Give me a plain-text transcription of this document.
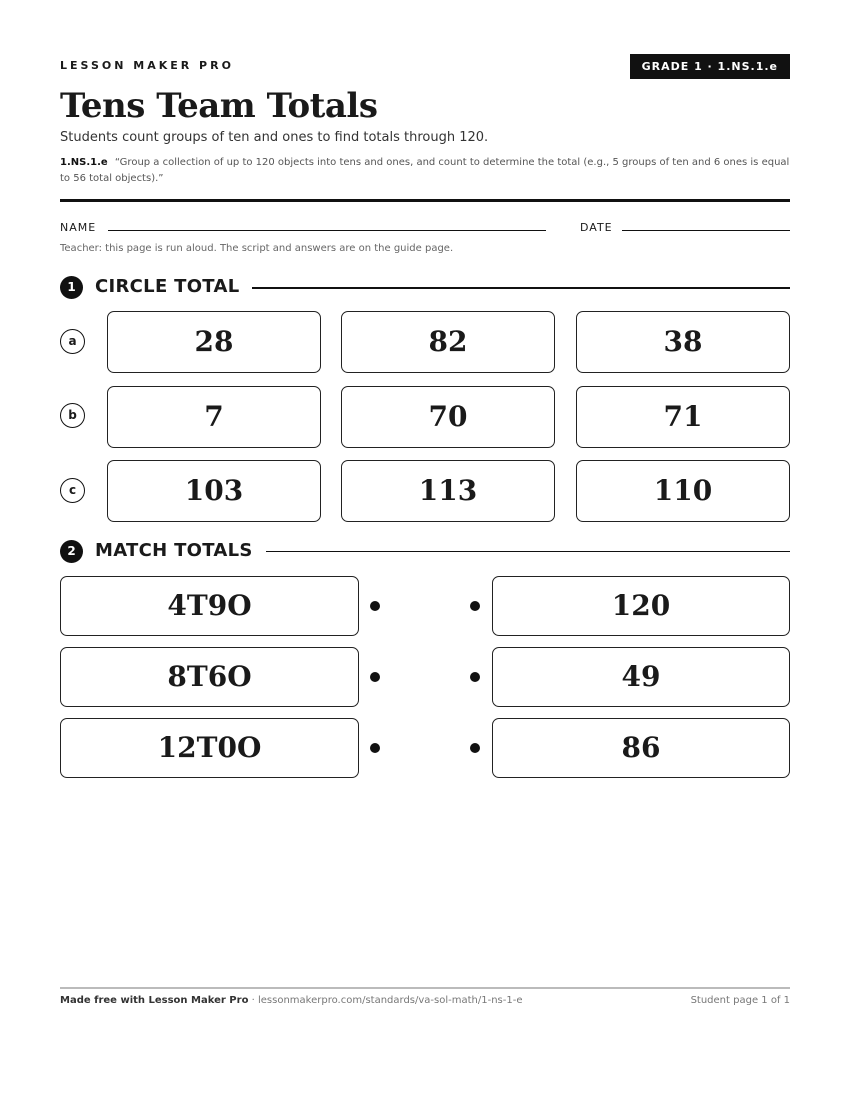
LESSON MAKER PRO	GRADE 1 · 1.NS.1.e
Tens Team Totals
Students count groups of ten and ones to find totals through 120.
1.NS.1.e “Group a collection of up to 120 objects into tens and ones, and count to determine the total (e.g., 5 groups of ten and 6 ones is equal to 56 total objects).”
NAME	DATE
Teacher: this page is run aloud. The script and answers are on the guide page.
1	CIRCLE TOTAL
a	28	82	38
b	7	70	71
c	103	113	110
2	MATCH TOTALS
4T9O	120
8T6O	49
12T0O	86
Made free with Lesson Maker Pro · lessonmakerpro.com/standards/va-sol-math/1-ns-1-e	Student page 1 of 1
